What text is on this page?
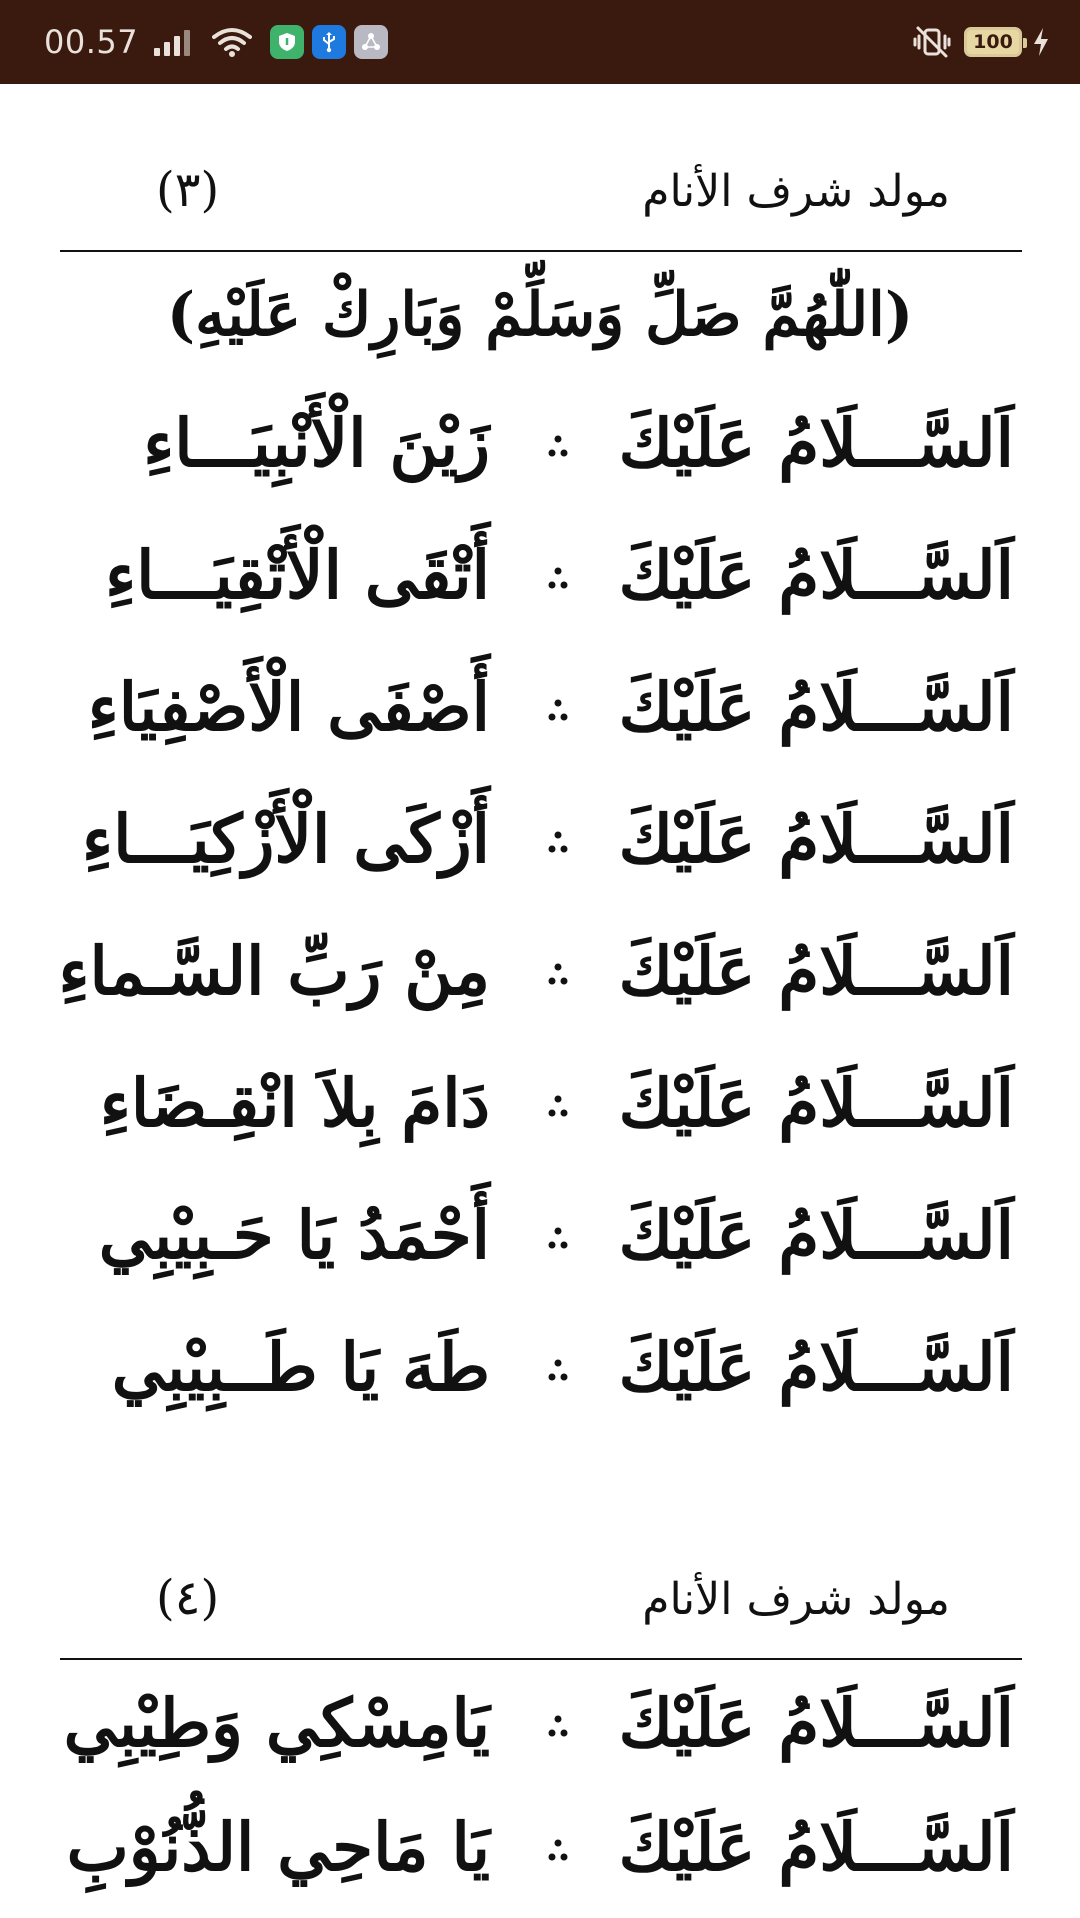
00.57	100
مولد شرف الأنام
(٣)
(اللّٰهُمَّ صَلِّ وَسَلِّمْ وَبَارِكْ عَلَيْهِ)
اَلسَّـــلَامُ عَلَيْكَ
زَيْنَ الْأَنْبِيَـــاءِ
اَلسَّـــلَامُ عَلَيْكَ
أَتْقَى الْأَتْقِيَـــاءِ
اَلسَّـــلَامُ عَلَيْكَ
أَصْفَى الْأَصْفِيَاءِ
اَلسَّـــلَامُ عَلَيْكَ
أَزْكَى الْأَزْكِيَـــاءِ
اَلسَّـــلَامُ عَلَيْكَ
مِنْ رَبِّ السَّـماءِ
اَلسَّـــلَامُ عَلَيْكَ
دَامَ بِلاَ انْقِـضَاءِ
اَلسَّـــلَامُ عَلَيْكَ
أَحْمَدُ يَا حَـبِيْبِي
اَلسَّـــلَامُ عَلَيْكَ
طَهَ يَا طَــبِيْبِي
مولد شرف الأنام
(٤)
اَلسَّـــلَامُ عَلَيْكَ
يَامِسْكِي وَطِيْبِي
اَلسَّـــلَامُ عَلَيْكَ
يَا مَاحِي الذُّنُوْبِ
